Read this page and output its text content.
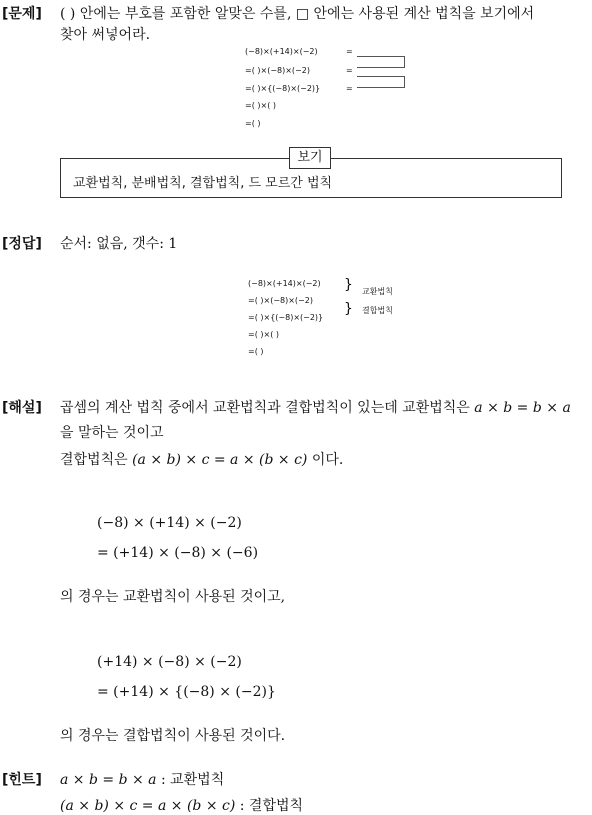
[문제] ( ) 안에는 부호를 포함한 알맞은 수를, □ 안에는 사용된 계산 법칙을 보기에서
찾아 써넣어라.
(−8)×(+14)×(−2)
=( )×(−8)×(−2)
=( )×{(−8)×(−2)}
=( )×( )
=( )
=
=
=
교환법칙, 분배법칙, 결합법칙, 드 모르간 법칙
보기
[정답] 순서: 없음, 갯수: 1
(−8)×(+14)×(−2)
=( )×(−8)×(−2)
=( )×{(−8)×(−2)}
=( )×( )
=( )
}
}
교환법칙
결합법칙
[해설] 곱셈의 계산 법칙 중에서 교환법칙과 결합법칙이 있는데 교환법칙은 a × b = b × a
을 말하는 것이고
결합법칙은 (a × b) × c = a × (b × c) 이다.
(−8) × (+14) × (−2)
= (+14) × (−8) × (−6)
의 경우는 교환법칙이 사용된 것이고,
(+14) × (−8) × (−2)
= (+14) × {(−8) × (−2)}
의 경우는 결합법칙이 사용된 것이다.
[힌트] a × b = b × a : 교환법칙
(a × b) × c = a × (b × c) : 결합법칙
